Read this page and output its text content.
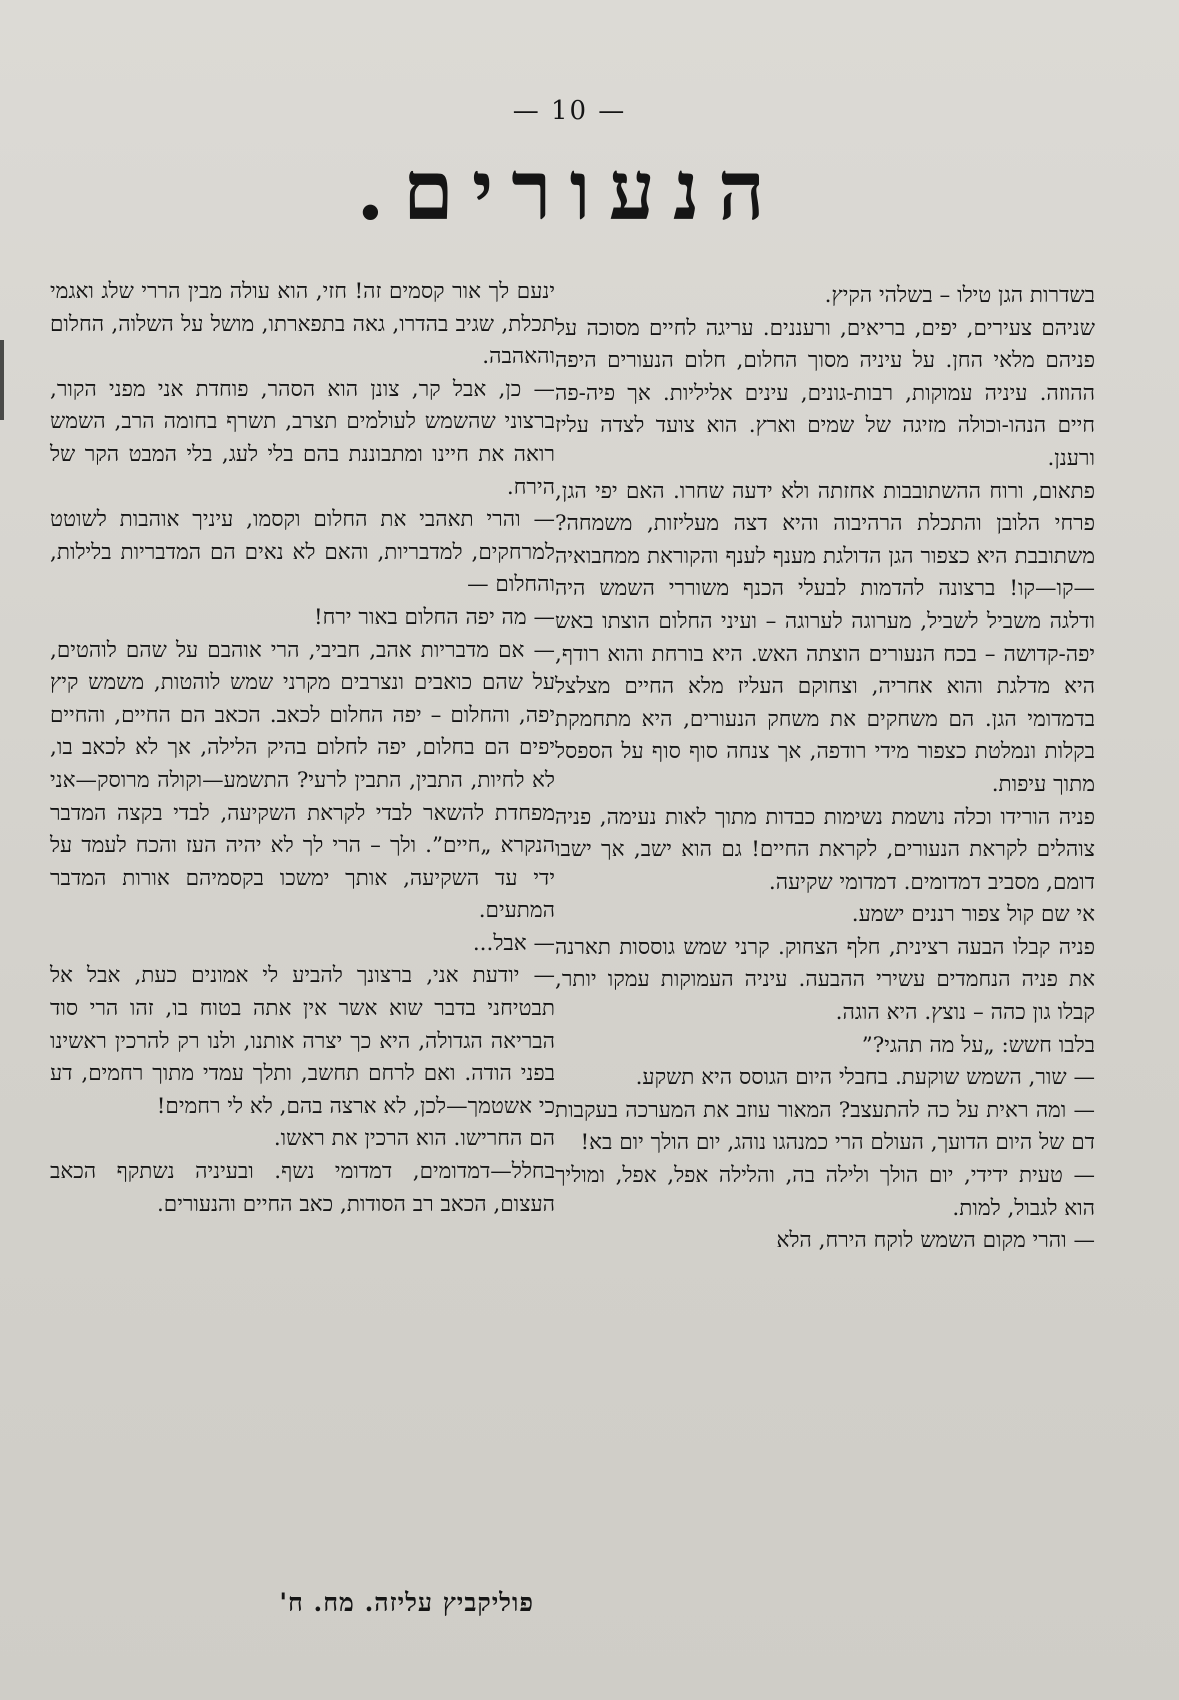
— 10 —
הנעורים.

בשדרות הגן טילו – בשלהי הקיץ.

שניהם צעירים, יפים, בריאים, ורעננים. עריגה לחיים מסוכה על פניהם מלאי החן. על עיניה מסוך החלום, חלום הנעורים היפה ההוזה. עיניה עמוקות, רבות-גונים, עינים אליליות. אך פיה-פה חיים הנהו-וכולה מזיגה של שמים וארץ. הוא צועד לצדה עליז ורענן.

פתאום, ורוח ההשתובבות אחזתה ולא ידעה שחרו. האם יפי הגן, פרחי הלובן והתכלת הרהיבוה והיא דצה מעליזות, משמחה? משתובבת היא כצפור הגן הדולגת מענף לענף והקוראת ממחבואיה—קו—קו! ברצונה להדמות לבעלי הכנף משוררי השמש היה ודלגה משביל לשביל, מערוגה לערוגה – ועיני החלום הוצתו באש יפה-קדושה – בכח הנעורים הוצתה האש. היא בורחת והוא רודף, היא מדלגת והוא אחריה, וצחוקם העליז מלא החיים מצלצל בדמדומי הגן. הם משחקים את משחק הנעורים, היא מתחמקת בקלות ונמלטת כצפור מידי רודפה, אך צנחה סוף סוף על הספסל מתוך עיפות.

פניה הורידו וכלה נושמת נשימות כבדות מתוך לאות נעימה, פניה צוהלים לקראת הנעורים, לקראת החיים! גם הוא ישב, אך ישבו דומם, מסביב דמדומים. דמדומי שקיעה.

אי שם קול צפור רננים ישמע.

פניה קבלו הבעה רצינית, חלף הצחוק. קרני שמש גוססות תארנה את פניה הנחמדים עשירי ההבעה. עיניה העמוקות עמקו יותר, קבלו גון כהה – נוצץ. היא הוגה.

בלבו חשש: „על מה תהגי?”

— שור, השמש שוקעת. בחבלי היום הגוסס היא תשקע.

— ומה ראית על כה להתעצב? המאור עוזב את המערכה בעקבות דם של היום הדועך, העולם הרי כמנהגו נוהג, יום הולך יום בא!

— טעית ידידי, יום הולך ולילה בה, והלילה אפל, אפל, ומוליך הוא לגבול, למות.

— והרי מקום השמש לוקח הירח, הלא

ינעם לך אור קסמים זה! חזי, הוא עולה מבין הררי שלג ואגמי תכלת, שגיב בהדרו, גאה בתפארתו, מושל על השלוה, החלום והאהבה.

— כן, אבל קר, צונן הוא הסהר, פוחדת אני מפני הקור, ברצוני שהשמש לעולמים תצרב, תשרף בחומה הרב, השמש רואה את חיינו ומתבוננת בהם בלי לעג, בלי המבט הקר של הירח.

— והרי תאהבי את החלום וקסמו, עיניך אוהבות לשוטט למרחקים, למדבריות, והאם לא נאים הם המדבריות בלילות, והחלום —

— מה יפה החלום באור ירח!

— אם מדבריות אהב, חביבי, הרי אוהבם על שהם לוהטים, על שהם כואבים ונצרבים מקרני שמש לוהטות, משמש קיץ יפה, והחלום – יפה החלום לכאב. הכאב הם החיים, והחיים יפים הם בחלום, יפה לחלום בהיק הלילה, אך לא לכאב בו, לא לחיות, התבין, התבין לרעי? התשמע—וקולה מרוסק—אני מפחדת להשאר לבדי לקראת השקיעה, לבדי בקצה המדבר הנקרא „חיים”. ולך – הרי לך לא יהיה העז והכח לעמד על ידי עד השקיעה, אותך ימשכו בקסמיהם אורות המדבר המתעים.

— אבל...

— יודעת אני, ברצונך להביע לי אמונים כעת, אבל אל תבטיחני בדבר שוא אשר אין אתה בטוח בו, זהו הרי סוד הבריאה הגדולה, היא כך יצרה אותנו, ולנו רק להרכין ראשינו בפני הודה. ואם לרחם תחשב, ותלך עמדי מתוך רחמים, דע כי אשטמך—לכן, לא ארצה בהם, לא לי רחמים!

הם החרישו. הוא הרכין את ראשו.

בחלל—דמדומים, דמדומי נשף. ובעיניה נשתקף הכאב העצום, הכאב רב הסודות, כאב החיים והנעורים.

פוליקביץ עליזה. מח. ח'
